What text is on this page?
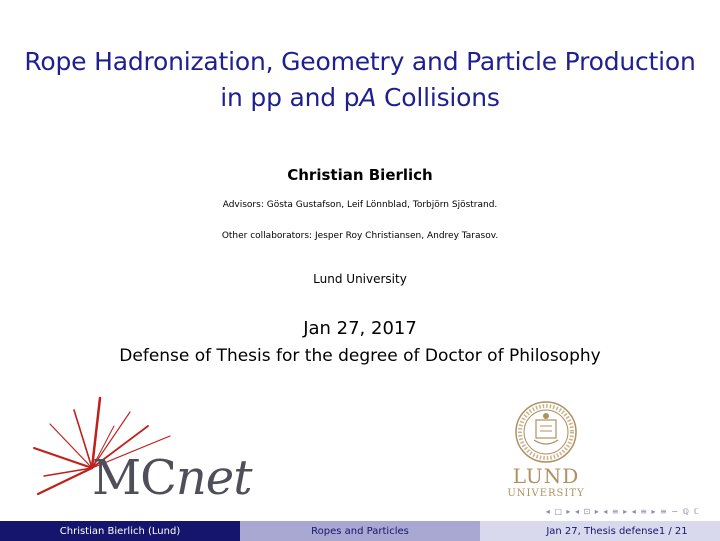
Rope Hadronization, Geometry and Particle Production
in pp and pA Collisions
Christian Bierlich
Advisors: Gösta Gustafson, Leif Lönnblad, Torbjörn Sjöstrand.
Other collaborators: Jesper Roy Christiansen, Andrey Tarasov.
Lund University
Jan 27, 2017
Defense of Thesis for the degree of Doctor of Philosophy
MCnet	LUND
UNIVERSITY
◂ □ ▸ ◂ ⊡ ▸ ◂ ≡ ▸ ◂ ≡ ▸ ≡ ∽ ℚ ℂ
Christian Bierlich (Lund)	Ropes and Particles	Jan 27, Thesis defense 1 / 21
